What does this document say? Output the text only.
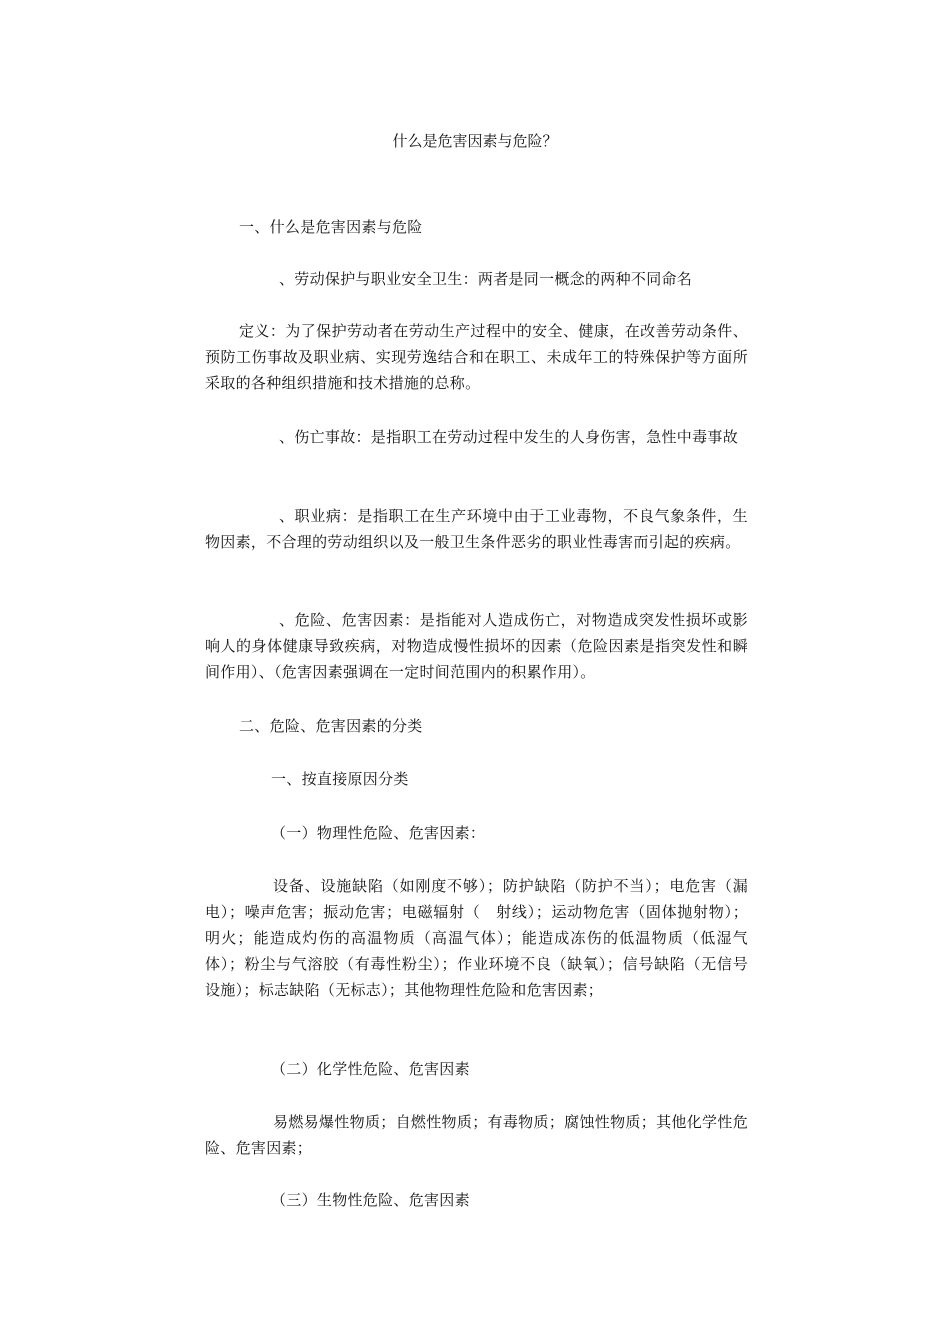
什么是危害因素与危险？
一、什么是危害因素与危险
、劳动保护与职业安全卫生：两者是同一概念的两种不同命名
定义：为了保护劳动者在劳动生产过程中的安全、健康，在改善劳动条件、预防工伤事故及职业病、实现劳逸结合和在职工、未成年工的特殊保护等方面所采取的各种组织措施和技术措施的总称。
、伤亡事故：是指职工在劳动过程中发生的人身伤害，急性中毒事故
、职业病：是指职工在生产环境中由于工业毒物，不良气象条件，生物因素，不合理的劳动组织以及一般卫生条件恶劣的职业性毒害而引起的疾病。
、危险、危害因素：是指能对人造成伤亡，对物造成突发性损坏或影响人的身体健康导致疾病，对物造成慢性损坏的因素（危险因素是指突发性和瞬间作用）、（危害因素强调在一定时间范围内的积累作用）。
二、危险、危害因素的分类
一、按直接原因分类
（一）物理性危险、危害因素：
设备、设施缺陷（如刚度不够）；防护缺陷（防护不当）；电危害（漏电）；噪声危害；振动危害；电磁辐射（　射线）；运动物危害（固体抛射物）；明火；能造成灼伤的高温物质（高温气体）；能造成冻伤的低温物质（低湿气体）；粉尘与气溶胶（有毒性粉尘）；作业环境不良（缺氧）；信号缺陷（无信号设施）；标志缺陷（无标志）；其他物理性危险和危害因素；
（二）化学性危险、危害因素
易燃易爆性物质；自燃性物质；有毒物质；腐蚀性物质；其他化学性危险、危害因素；
（三）生物性危险、危害因素
